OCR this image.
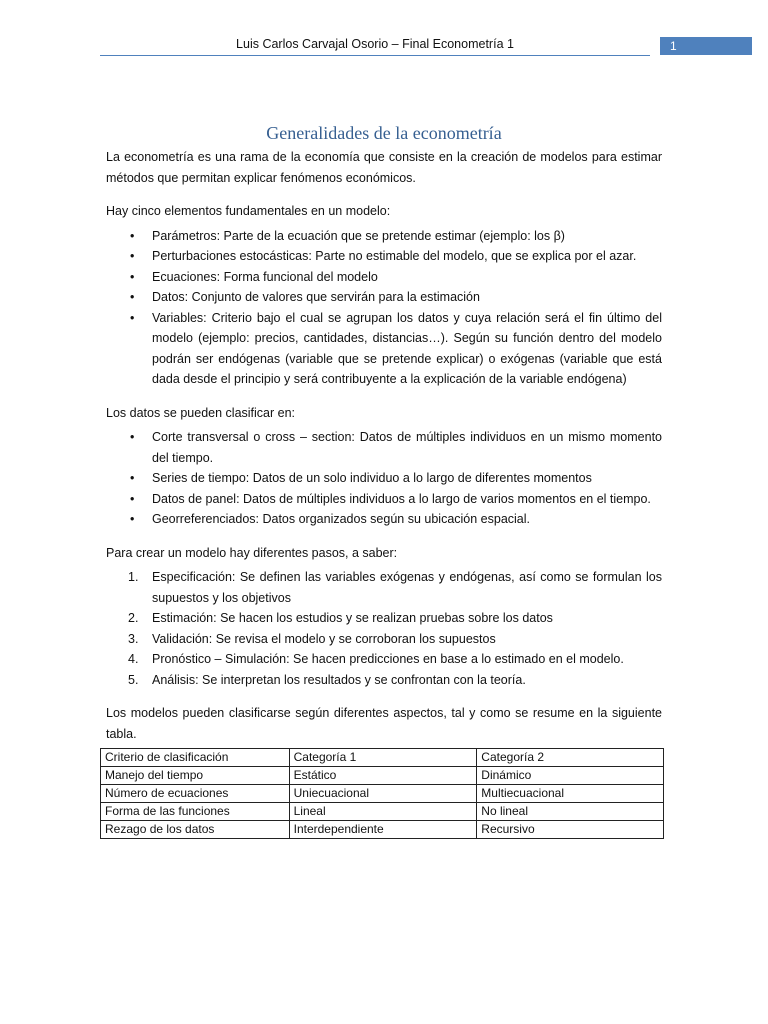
Luis Carlos Carvajal Osorio – Final Econometría 1	1
Generalidades de la econometría

La econometría es una rama de la economía que consiste en la creación de modelos para estimar métodos que permitan explicar fenómenos económicos.

Hay cinco elementos fundamentales en un modelo:

• Parámetros: Parte de la ecuación que se pretende estimar (ejemplo: los β)
• Perturbaciones estocásticas: Parte no estimable del modelo, que se explica por el azar.
• Ecuaciones: Forma funcional del modelo
• Datos: Conjunto de valores que servirán para la estimación
• Variables: Criterio bajo el cual se agrupan los datos y cuya relación será el fin último del modelo (ejemplo: precios, cantidades, distancias…). Según su función dentro del modelo podrán ser endógenas (variable que se pretende explicar) o exógenas (variable que está dada desde el principio y será contribuyente a la explicación de la variable endógena)

Los datos se pueden clasificar en:

• Corte transversal o cross – section: Datos de múltiples individuos en un mismo momento del tiempo.
• Series de tiempo: Datos de un solo individuo a lo largo de diferentes momentos
• Datos de panel: Datos de múltiples individuos a lo largo de varios momentos en el tiempo.
• Georreferenciados: Datos organizados según su ubicación espacial.

Para crear un modelo hay diferentes pasos, a saber:

1. Especificación: Se definen las variables exógenas y endógenas, así como se formulan los supuestos y los objetivos
2. Estimación: Se hacen los estudios y se realizan pruebas sobre los datos
3. Validación: Se revisa el modelo y se corroboran los supuestos
4. Pronóstico – Simulación: Se hacen predicciones en base a lo estimado en el modelo.
5. Análisis: Se interpretan los resultados y se confrontan con la teoría.

Los modelos pueden clasificarse según diferentes aspectos, tal y como se resume en la siguiente tabla.

Criterio de clasificación	Categoría 1	Categoría 2
Manejo del tiempo	Estático	Dinámico
Número de ecuaciones	Uniecuacional	Multiecuacional
Forma de las funciones	Lineal	No lineal
Rezago de los datos	Interdependiente	Recursivo
